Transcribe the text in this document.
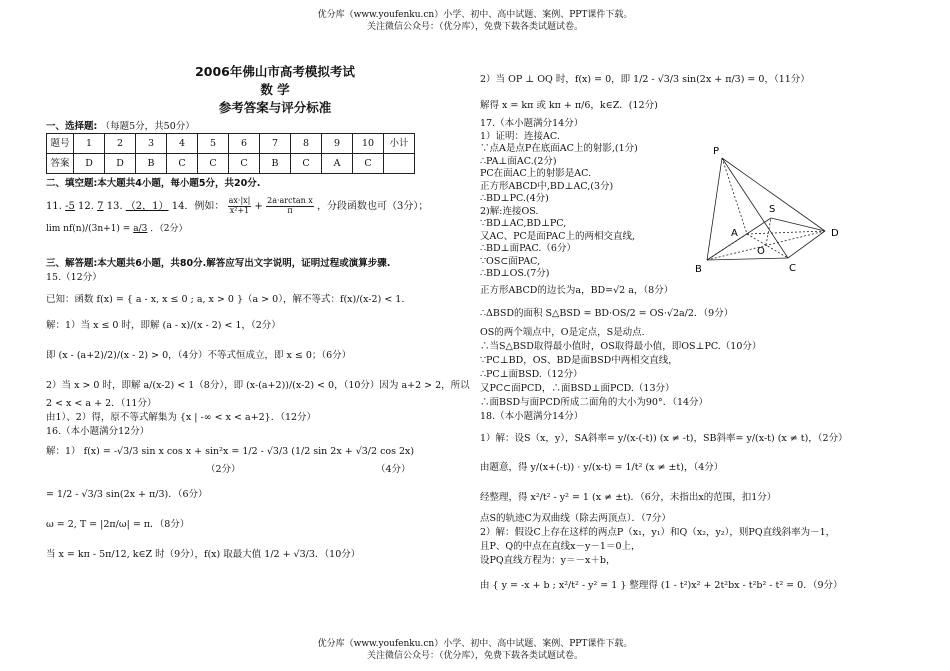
优分库（www.youfenku.cn）小学、初中、高中试题、案例、PPT课件下载。
关注微信公众号：（优分库），免费下载各类试题试卷。
优分库（www.youfenku.cn）小学、初中、高中试题、案例、PPT课件下载。
关注微信公众号：（优分库），免费下载各类试题试卷。
2006年佛山市高考模拟考试
数 学
参考答案与评分标准
一、选择题: （每题5分，共50分）
题号	1	2	3	4	5	6	7	8	9	10	小计
答案	D	D	B	C	C	C	B	C	A	C	
二、填空题:本大题共4小题，每小题5分，共20分.
11. -5 12. 7 13. （2，1） 14．例如： $\frac{ax\cdot|x|}{\text{x²+1}} + \frac{\text{2a·arctan x}}{\pi}$ ，分段函数也可（3分）；
lim nf(n)/(3n+1) = a/3 ．（2分）
三、解答题:本大题共6小题，共80分.解答应写出文字说明，证明过程或演算步骤.
15.（12分）
已知：函数 f(x) = { a - x, x ≤ 0 ; a, x > 0 }（a > 0），解不等式：f(x)/(x-2) < 1.
解：1）当 x ≤ 0 时，即解 (a - x)/(x - 2) < 1，（2分）
即 (x - (a+2)/2)/(x - 2) > 0，（4分）不等式恒成立，即 x ≤ 0；（6分）
2）当 x > 0 时，即解 a/(x-2) < 1（8分），即 (x-(a+2))/(x-2) < 0，（10分）因为 a+2 > 2，所以
2 < x < a + 2．（11分）
由1）、2）得，原不等式解集为 {x | -∞ < x < a+2}．（12分）
16.（本小题满分12分）
解：1） f(x) = -√3/3 sin x cos x + sin²x = 1/2 - √3/3 (1/2 sin 2x + √3/2 cos 2x)
（2分）	（4分）
= 1/2 - √3/3 sin(2x + π/3)．（6分）
ω = 2, T = |2π/ω| = π．（8分）
当 x = kπ - 5π/12, k∈Z 时（9分），f(x) 取最大值 1/2 + √3/3．（10分）
2）当 OP ⊥ OQ 时，f(x) = 0，即 1/2 - √3/3 sin(2x + π/3) = 0，（11分）
解得 x = kπ 或 kπ + π/6，k∈Z．(12分)
17.（本小题满分14分）
1）证明：连接AC.
∵点A是点P在底面AC上的射影,(1分)
∴PA⊥面AC.(2分)
PC在面AC上的射影是AC.
正方形ABCD中,BD⊥AC,(3分)
∴BD⊥PC.(4分)
2)解:连接OS.
∵BD⊥AC,BD⊥PC,
又AC、PC是面PAC上的两相交直线,
∴BD⊥面PAC.（6分）
∵OS⊂面PAC,
∴BD⊥OS.(7分)
正方形ABCD的边长为a，BD=√2 a，（8分）
∴ΔBSD的面积 S△BSD = BD·OS/2 = OS·√2a/2．（9分）
OS的两个端点中，O是定点，S是动点.
∴当S△BSD取得最小值时，OS取得最小值，即OS⊥PC.（10分）
∵PC⊥BD，OS、BD是面BSD中两相交直线，
∴PC⊥面BSD.（12分）
又PC⊂面PCD，∴面BSD⊥面PCD.（13分）
∴面BSD与面PCD所成二面角的大小为90°．（14分）
18.（本小题满分14分）
1）解：设S（x，y），SA斜率= y/(x-(-t)) (x ≠ -t)，SB斜率= y/(x-t) (x ≠ t)，（2分）
由题意，得 y/(x+(-t)) · y/(x-t) = 1/t² (x ≠ ±t)，（4分）
经整理，得 x²/t² - y² = 1 (x ≠ ±t)．（6分，未指出x的范围，扣1分）
点S的轨迹C为双曲线（除去两顶点）．（7分）
2）解：假设C上存在这样的两点P（x₁，y₁）和Q（x₂，y₂），则PQ直线斜率为－1，
且P、Q的中点在直线x－y－1＝0上，
设PQ直线方程为：y＝－x＋b，
由 { y = -x + b ; x²/t² - y² = 1 } 整理得 (1 - t²)x² + 2t²bx - t²b² - t² = 0．（9分）
P
S
A	D
O
B	C
